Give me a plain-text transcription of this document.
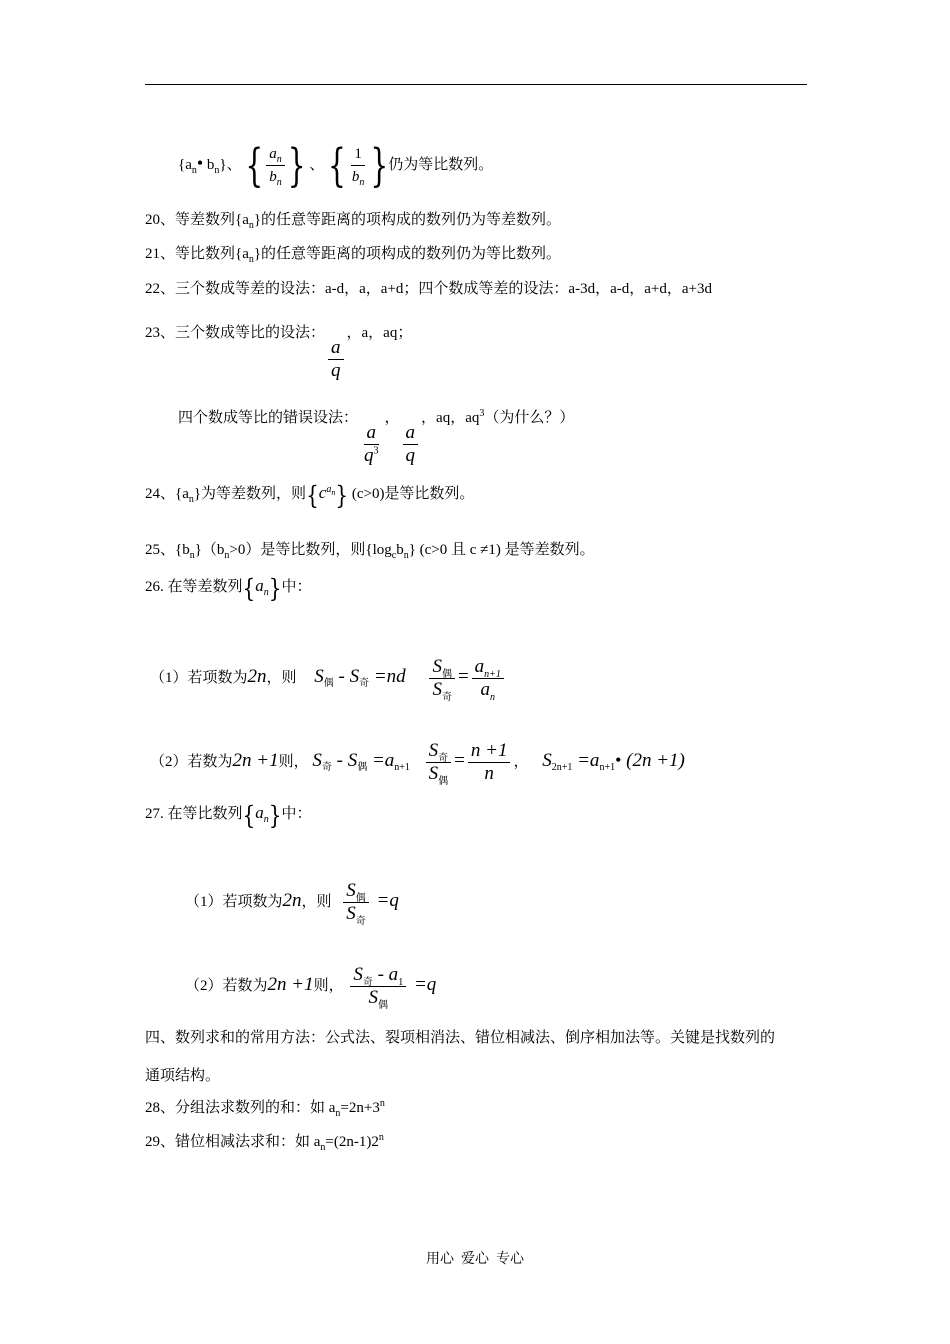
{$a_n•$ $b_n$}、 { $\frac{a_n}{b_n}$ } 、 { $\frac{1}{b_n}$ }仍为等比数列。
20、等差数列$\{a_n\}$的任意等距离的项构成的数列仍为等差数列。
21、等比数列$\{a_n\}$的任意等距离的项构成的数列仍为等比数列。
22、三个数成等差的设法：a-d，a，a+d；四个数成等差的设法：a-3d，a-d，a+d，a+3d
23、三个数成等比的设法：
$\frac{a}{q}$
，a，aq；
四个数成等比的错误设法：
$\frac{a}{q^3}$
，
$\frac{a}{q}$
，aq，$aq^3$（为什么？）
24、$\{a_n\}$为等差数列，则$\{c^{a_n}\}$ (c>0)是等比数列。
25、$\{b_n\}(b_n>0)$是等比数列，则$\{\log_cb_n\}$ (c>0 且 c ≠1) 是等差数列。
26. 在等差数列$\{a_n\}$中：
（1）若项数为2n，则 $S_偶 - S_奇 =nd \frac{S_偶}{S_奇} = \frac{a_{n+1}}{a_n}$
（2）若数为2n +1则， $S_奇 - S_偶 =a_{n+1} \frac{S_奇}{S_偶} = \frac{n +1}{n}$ ， $S_{2n+1}$ $=a_{n+1}•$ (2n +1)
27. 在等比数列$\{a_n\}$中：
（1）若项数为2n，则 $\frac{S_偶}{S_奇} =q$
（2）若数为2n +1则， $\frac{S_奇 - a_1}{S_偶} =q$
四、数列求和的常用方法：公式法、裂项相消法、错位相减法、倒序相加法等。关键是找数列的
通项结构。
28、分组法求数列的和：如 $a_n=2n+3^n$
29、错位相减法求和：如 $a_n=(2n-1)2^n$
用心  爱心  专心
